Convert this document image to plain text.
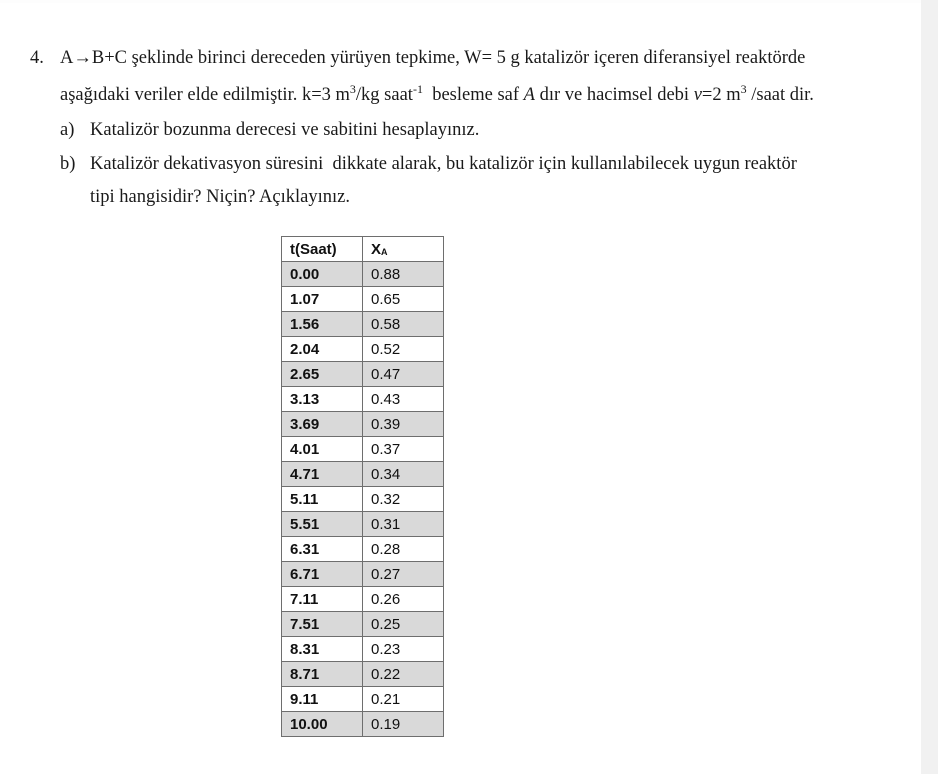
4. A→B+C şeklinde birinci dereceden yürüyen tepkime, W= 5 g katalizör içeren diferansiyel reaktörde
aşağıdaki veriler elde edilmiştir. k=3 $m^3/kg$ saat$^{-1}$  besleme saf A dır ve hacimsel debi v=2 $m^3$ /saat dir.
a) Katalizör bozunma derecesi ve sabitini hesaplayınız.
b) Katalizör dekativasyon süresini  dikkate alarak, bu katalizör için kullanılabilecek uygun reaktör
tipi hangisidir? Niçin? Açıklayınız.
t(Saat)	XA
0.00	0.88
1.07	0.65
1.56	0.58
2.04	0.52
2.65	0.47
3.13	0.43
3.69	0.39
4.01	0.37
4.71	0.34
5.11	0.32
5.51	0.31
6.31	0.28
6.71	0.27
7.11	0.26
7.51	0.25
8.31	0.23
8.71	0.22
9.11	0.21
10.00	0.19
